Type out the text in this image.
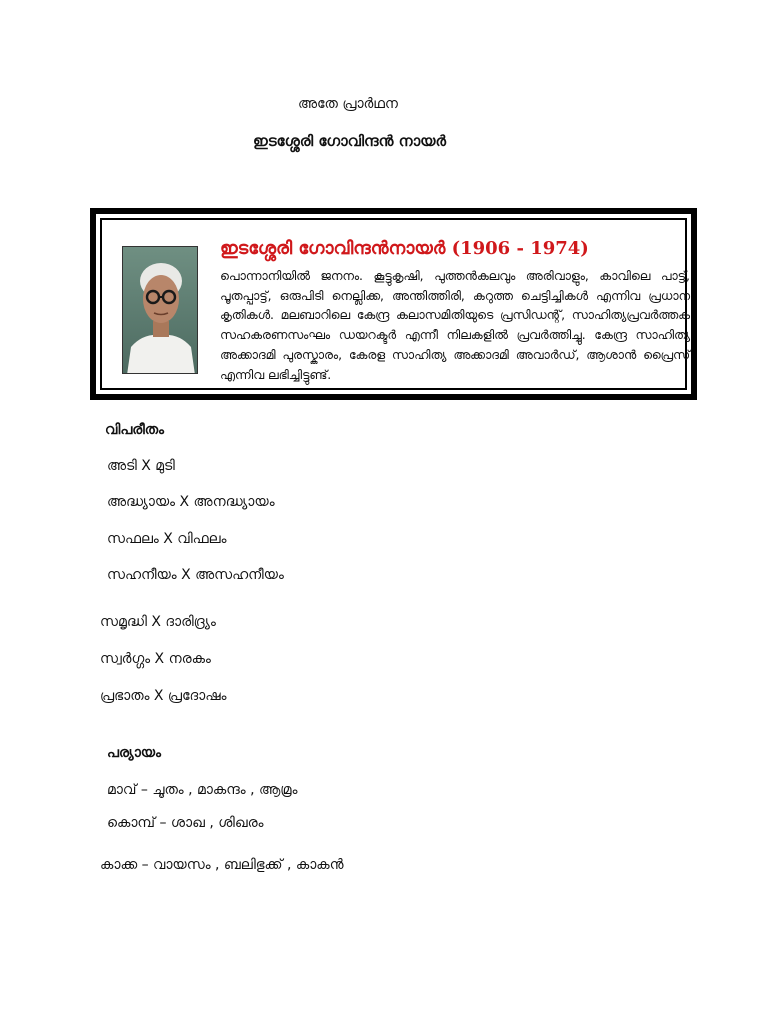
അതേ പ്രാർഥന
ഇടശ്ശേരി ഗോവിന്ദൻ നായർ
ഇടശ്ശേരി ഗോവിന്ദൻനായർ (1906 - 1974)
പൊന്നാനിയിൽ ജനനം. കൂട്ടുകൃഷി, പുത്തൻകലവും അരിവാളും, കാവിലെ പാട്ട്, പൂതപ്പാട്ട്, ഒരുപിടി നെല്ലിക്ക, അന്തിത്തിരി, കറുത്ത ചെട്ടിച്ചികൾ എന്നിവ പ്രധാന കൃതികൾ. മലബാറിലെ കേന്ദ്ര കലാസമിതിയുടെ പ്രസിഡന്റ്, സാഹിത്യപ്രവർത്തക സഹകരണസംഘം ഡയറക്ടർ എന്നീ നിലകളിൽ പ്രവർത്തിച്ചു. കേന്ദ്ര സാഹിത്യ അക്കാദമി പുരസ്കാരം, കേരള സാഹിത്യ അക്കാദമി അവാർഡ്, ആശാൻ പ്രൈസ് എന്നിവ ലഭിച്ചിട്ടുണ്ട്.
വിപരീതം
അടി X മുടി
അദ്ധ്യായം X അനദ്ധ്യായം
സഫലം X വിഫലം
സഹനീയം X അസഹനീയം
സമൃദ്ധി X ദാരിദ്ര്യം
സ്വർഗ്ഗം X നരകം
പ്രഭാതം X പ്രദോഷം
പര്യായം
മാവ് – ചൂതം , മാകന്ദം , ആമ്രം
കൊമ്പ് – ശാഖ , ശിഖരം
കാക്ക – വായസം , ബലിഭുക്ക് , കാകൻ
